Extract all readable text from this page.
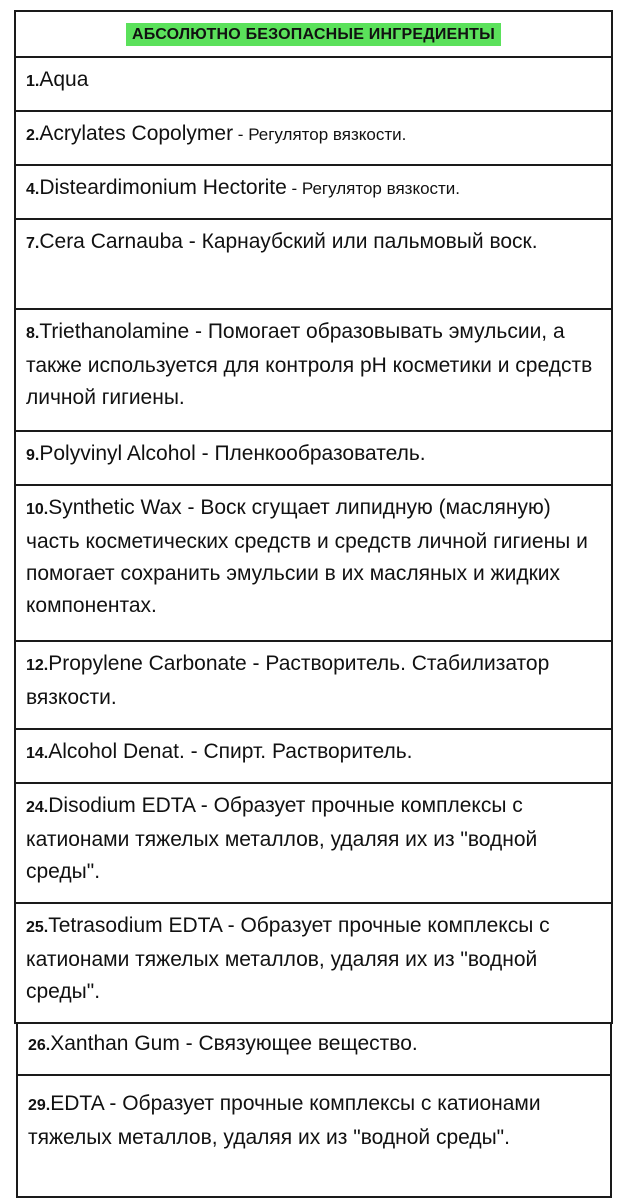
АБСОЛЮТНО БЕЗОПАСНЫЕ ИНГРЕДИЕНТЫ
1.Aqua
2.Acrylates Copolymer - Регулятор вязкости.
4.Disteardimonium Hectorite - Регулятор вязкости.
7.Cera Carnauba - Карнаубский или пальмовый воск.
8.Triethanolamine - Помогает образовывать эмульсии, а также используется для контроля pH косметики и средств личной гигиены.
9.Polyvinyl Alcohol - Пленкообразователь.
10.Synthetic Wax - Воск сгущает липидную (масляную) часть косметических средств и средств личной гигиены и помогает сохранить эмульсии в их масляных и жидких компонентах.
12.Propylene Carbonate - Растворитель. Стабилизатор вязкости.
14.Alcohol Denat. - Спирт. Растворитель.
24.Disodium EDTA - Образует прочные комплексы с катионами тяжелых металлов, удаляя их из "водной среды".
25.Tetrasodium EDTA - Образует прочные комплексы с катионами тяжелых металлов, удаляя их из "водной среды".
26.Xanthan Gum - Связующее вещество.
29.EDTA - Образует прочные комплексы с катионами тяжелых металлов, удаляя их из "водной среды".
